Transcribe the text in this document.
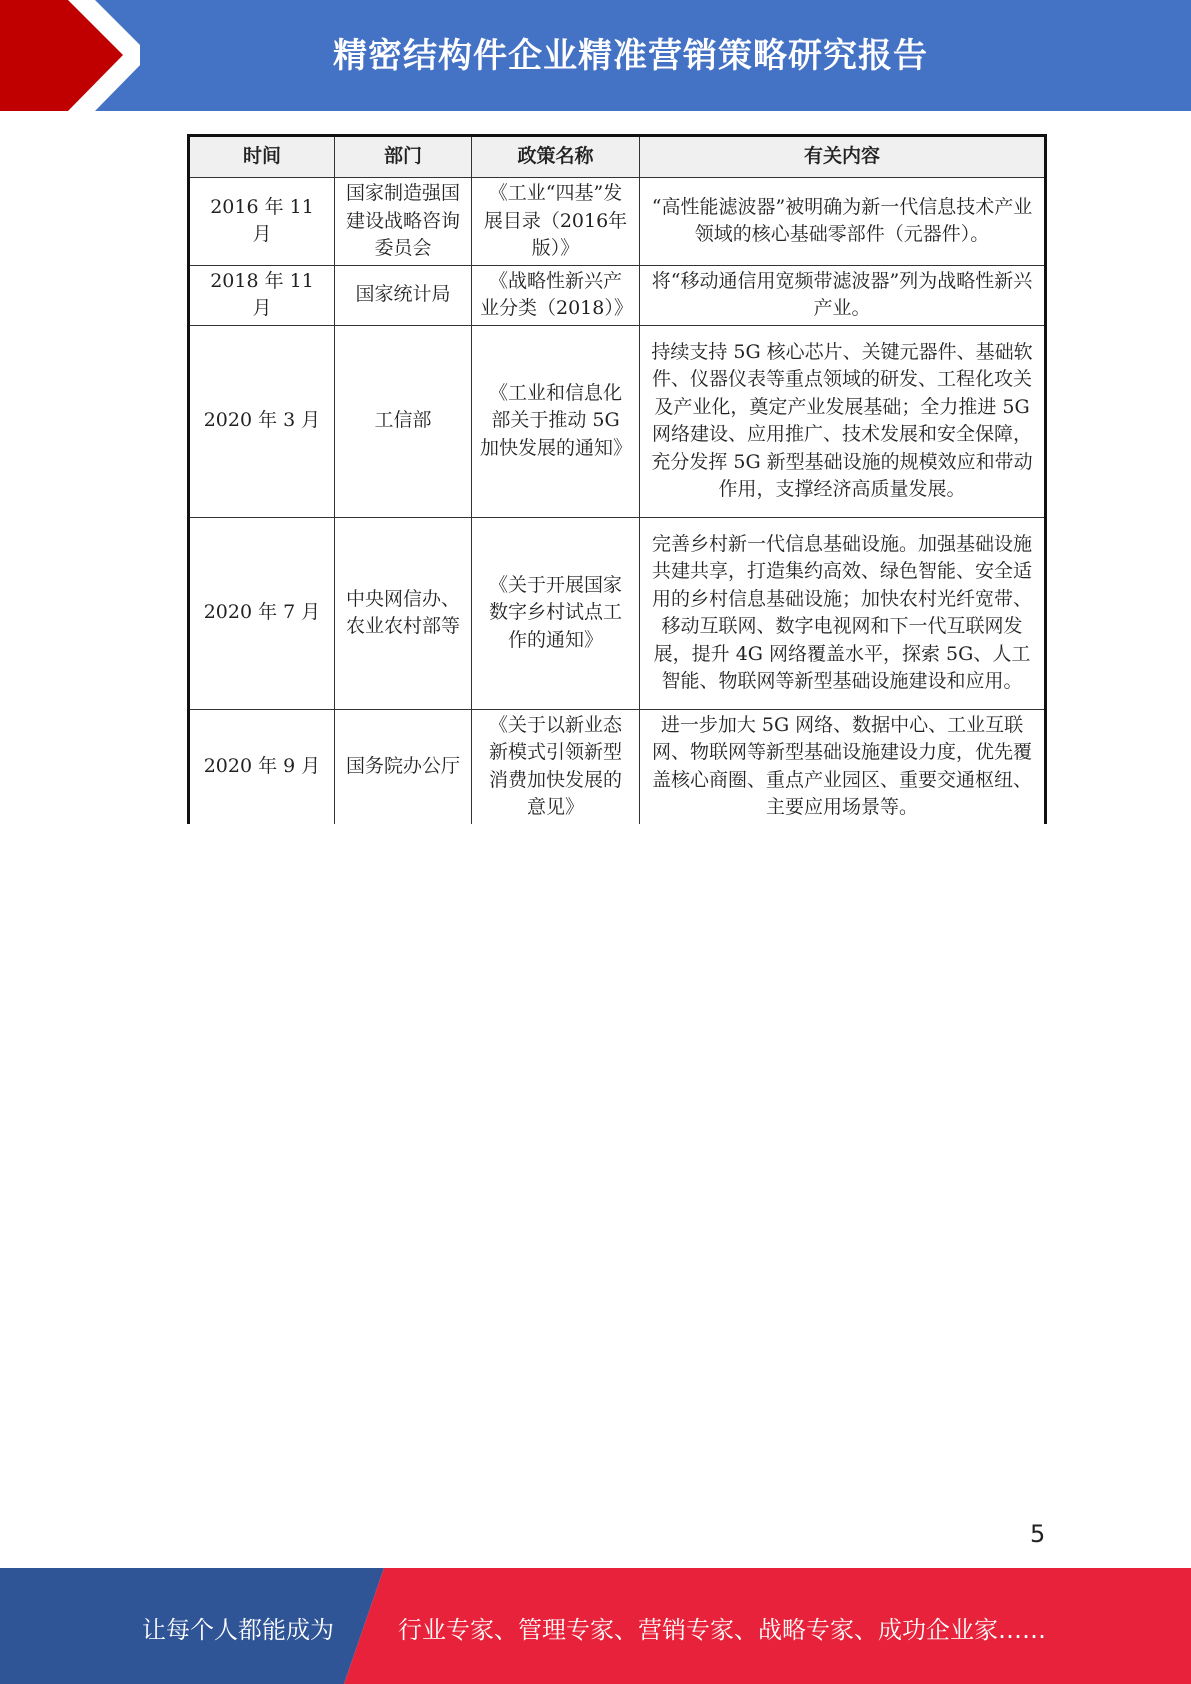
精密结构件企业精准营销策略研究报告
时间	部门	政策名称	有关内容
2016 年 11 月	国家制造强国建设战略咨询委员会	《工业“四基”发展目录（2016年版）》	“高性能滤波器”被明确为新一代信息技术产业领域的核心基础零部件（元器件）。
2018 年 11 月	国家统计局	《战略性新兴产业分类（2018）》	将“移动通信用宽频带滤波器”列为战略性新兴产业。
2020 年 3 月	工信部	《工业和信息化部关于推动 5G 加快发展的通知》	持续支持 5G 核心芯片、关键元器件、基础软件、仪器仪表等重点领域的研发、工程化攻关及产业化，奠定产业发展基础；全力推进 5G 网络建设、应用推广、技术发展和安全保障，充分发挥 5G 新型基础设施的规模效应和带动作用，支撑经济高质量发展。
2020 年 7 月	中央网信办、农业农村部等	《关于开展国家数字乡村试点工作的通知》	完善乡村新一代信息基础设施。加强基础设施共建共享，打造集约高效、绿色智能、安全适用的乡村信息基础设施；加快农村光纤宽带、移动互联网、数字电视网和下一代互联网发展，提升 4G 网络覆盖水平，探索 5G、人工智能、物联网等新型基础设施建设和应用。
2020 年 9 月	国务院办公厅	《关于以新业态新模式引领新型消费加快发展的意见》	进一步加大 5G 网络、数据中心、工业互联网、物联网等新型基础设施建设力度，优先覆盖核心商圈、重点产业园区、重要交通枢纽、主要应用场景等。
5
让每个人都能成为	行业专家、管理专家、营销专家、战略专家、成功企业家……
